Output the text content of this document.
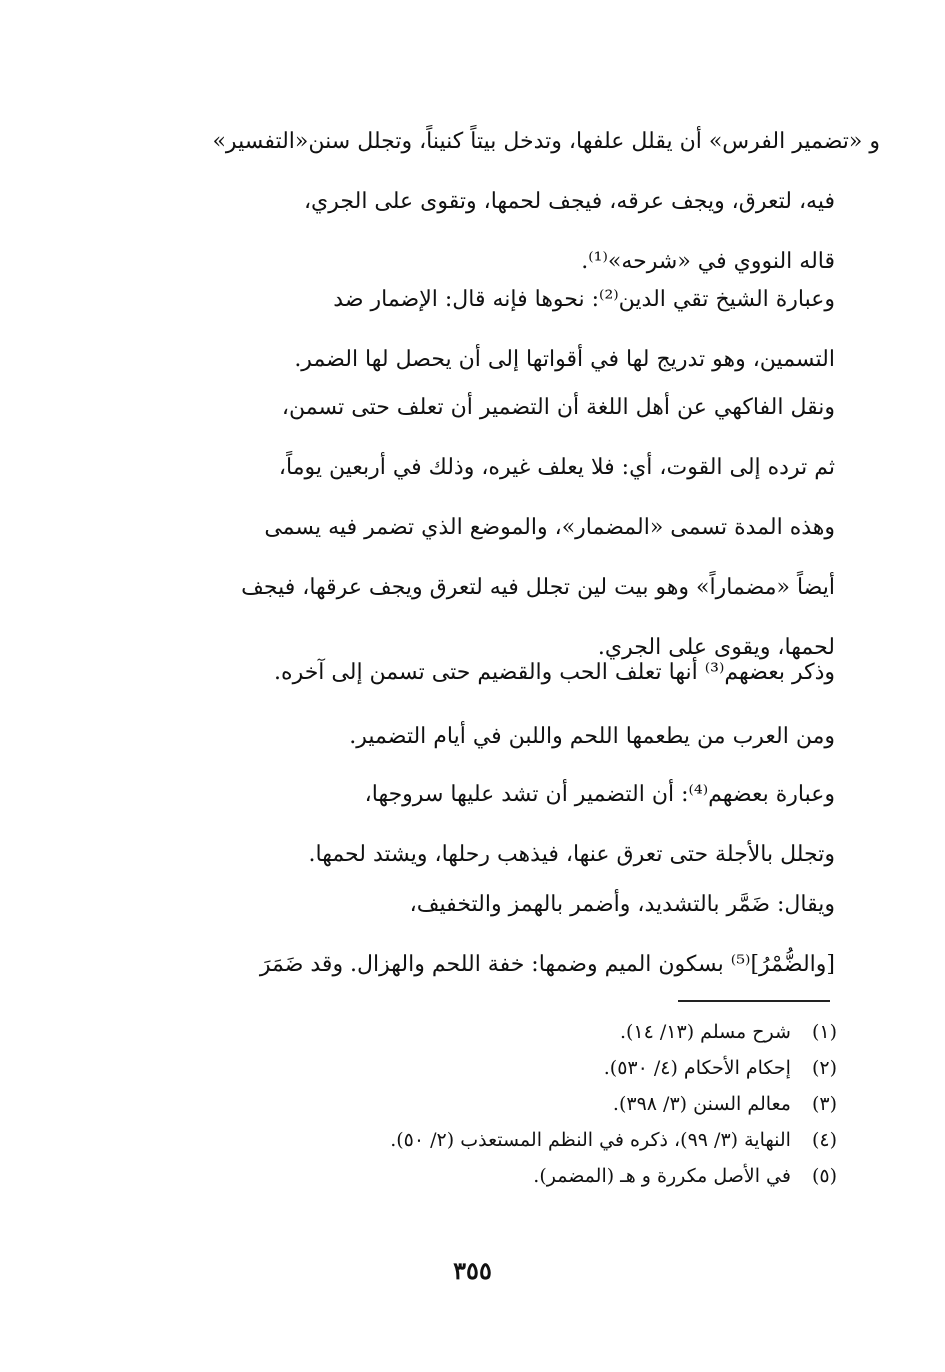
و «تضمير الفرس» أن يقلل علفها، وتدخل بيتاً كنيناً، وتجلل سنن«التفسير»
فيه، لتعرق، ويجف عرقه، فيجف لحمها، وتقوى على الجري،
قاله النووي في «شرحه»⁽¹⁾.
وعبارة الشيخ تقي الدين⁽²⁾: نحوها فإنه قال: الإضمار ضد
التسمين، وهو تدريج لها في أقواتها إلى أن يحصل لها الضمر.
ونقل الفاكهي عن أهل اللغة أن التضمير أن تعلف حتى تسمن،
ثم ترده إلى القوت، أي: فلا يعلف غيره، وذلك في أربعين يوماً،
وهذه المدة تسمى «المضمار»، والموضع الذي تضمر فيه يسمى
أيضاً «مضماراً» وهو بيت لين تجلل فيه لتعرق ويجف عرقها، فيجف
لحمها، ويقوى على الجري.
وذكر بعضهم⁽³⁾ أنها تعلف الحب والقضيم حتى تسمن إلى آخره.
ومن العرب من يطعمها اللحم واللبن في أيام التضمير.
وعبارة بعضهم⁽⁴⁾: أن التضمير أن تشد عليها سروجها،
وتجلل بالأجلة حتى تعرق عنها، فيذهب رحلها، ويشتد لحمها.
ويقال: ضَمَّر بالتشديد، وأضمر بالهمز والتخفيف،
[والضُّمْرُ]⁽⁵⁾ بسكون الميم وضمها: خفة اللحم والهزال. وقد ضَمَرَ
(١) شرح مسلم (١٣/ ١٤).
(٢) إحكام الأحكام (٤/ ٥٣٠).
(٣) معالم السنن (٣/ ٣٩٨).
(٤) النهاية (٣/ ٩٩)، ذكره في النظم المستعذب (٢/ ٥٠).
(٥) في الأصل مكررة و هـ (المضمر).
٣٥٥
